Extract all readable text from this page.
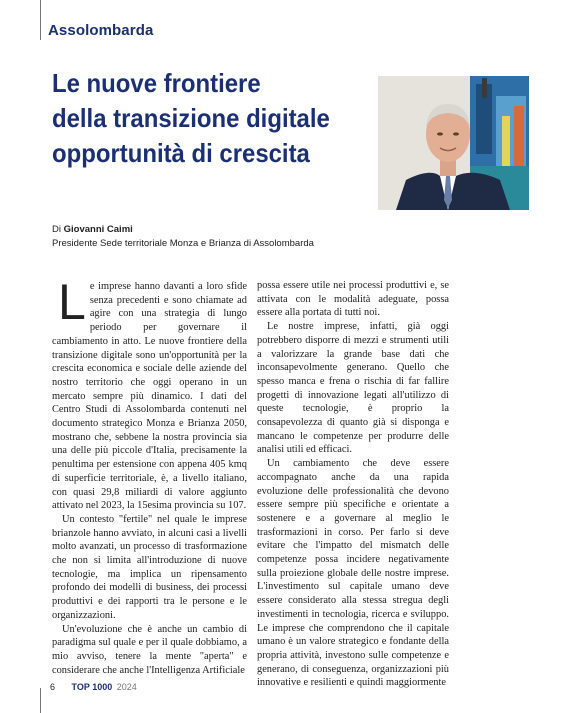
Assolombarda
Le nuove frontiere
della transizione digitale
opportunità di crescita
Di Giovanni Caimi
Presidente Sede territoriale Monza e Brianza di Assolombarda

Le imprese hanno davanti a loro sfide senza precedenti e sono chiamate ad agire con una strategia di lungo periodo per governare il cambiamento in atto. Le nuove frontiere della transizione digitale sono un'opportunità per la crescita economica e sociale delle aziende del nostro territorio che oggi operano in un mercato sempre più dinamico. I dati del Centro Studi di Assolombarda contenuti nel documento strategico Monza e Brianza 2050, mostrano che, sebbene la nostra provincia sia una delle più piccole d'Italia, precisamente la penultima per estensione con appena 405 kmq di superficie territoriale, è, a livello italiano, con quasi 29,8 miliardi di valore aggiunto attivato nel 2023, la 15esima provincia su 107.

Un contesto "fertile" nel quale le imprese brianzole hanno avviato, in alcuni casi a livelli molto avanzati, un processo di trasformazione che non si limita all'introduzione di nuove tecnologie, ma implica un ripensamento profondo dei modelli di business, dei processi produttivi e dei rapporti tra le persone e le organizzazioni.

Un'evoluzione che è anche un cambio di paradigma sul quale e per il quale dobbiamo, a mio avviso, tenere la mente "aperta" e considerare che anche l'Intelligenza Artificiale

possa essere utile nei processi produttivi e, se attivata con le modalità adeguate, possa essere alla portata di tutti noi.

Le nostre imprese, infatti, già oggi potrebbero disporre di mezzi e strumenti utili a valorizzare la grande base dati che inconsapevolmente generano. Quello che spesso manca e frena o rischia di far fallire progetti di innovazione legati all'utilizzo di queste tecnologie, è proprio la consapevolezza di quanto già si disponga e mancano le competenze per produrre delle analisi utili ed efficaci.

Un cambiamento che deve essere accompagnato anche da una rapida evoluzione delle professionalità che devono essere sempre più specifiche e orientate a sostenere e a governare al meglio le trasformazioni in corso. Per farlo si deve evitare che l'impatto del mismatch delle competenze possa incidere negativamente sulla proiezione globale delle nostre imprese. L'investimento sul capitale umano deve essere considerato alla stessa stregua degli investimenti in tecnologia, ricerca e sviluppo. Le imprese che comprendono che il capitale umano è un valore strategico e fondante della propria attività, investono sulle competenze e generano, di conseguenza, organizzazioni più innovative e resilienti e quindi maggiormente

6 TOP 1000 2024
